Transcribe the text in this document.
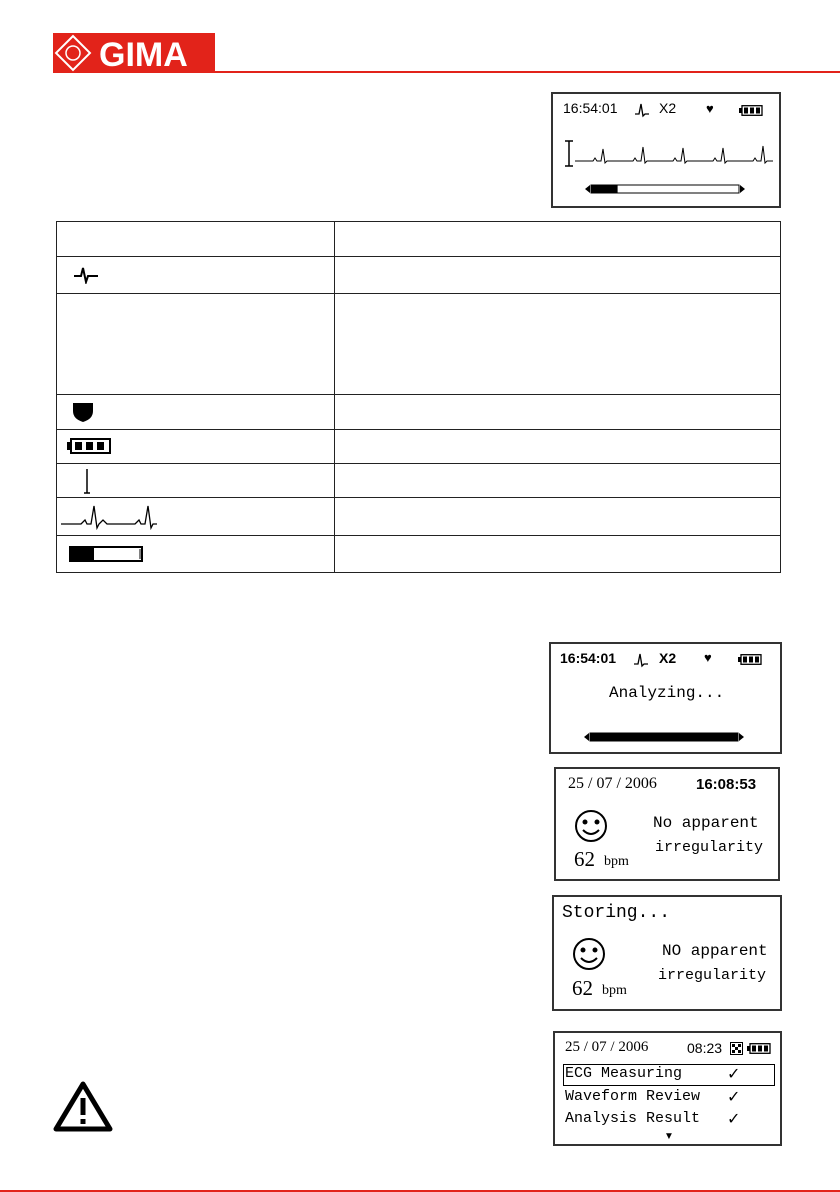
GIMA
16:54:01	X2 ♥

16:54:01	X2 ♥
Analyzing...
25 / 07 / 2006	16:08:53
62 bpm
No apparent
irregularity
Storing...
62 bpm
NO apparent
irregularity
25 / 07 / 2006	08:23
ECG Measuring	✓
Waveform Review ✓
Analysis Result ✓
▼
